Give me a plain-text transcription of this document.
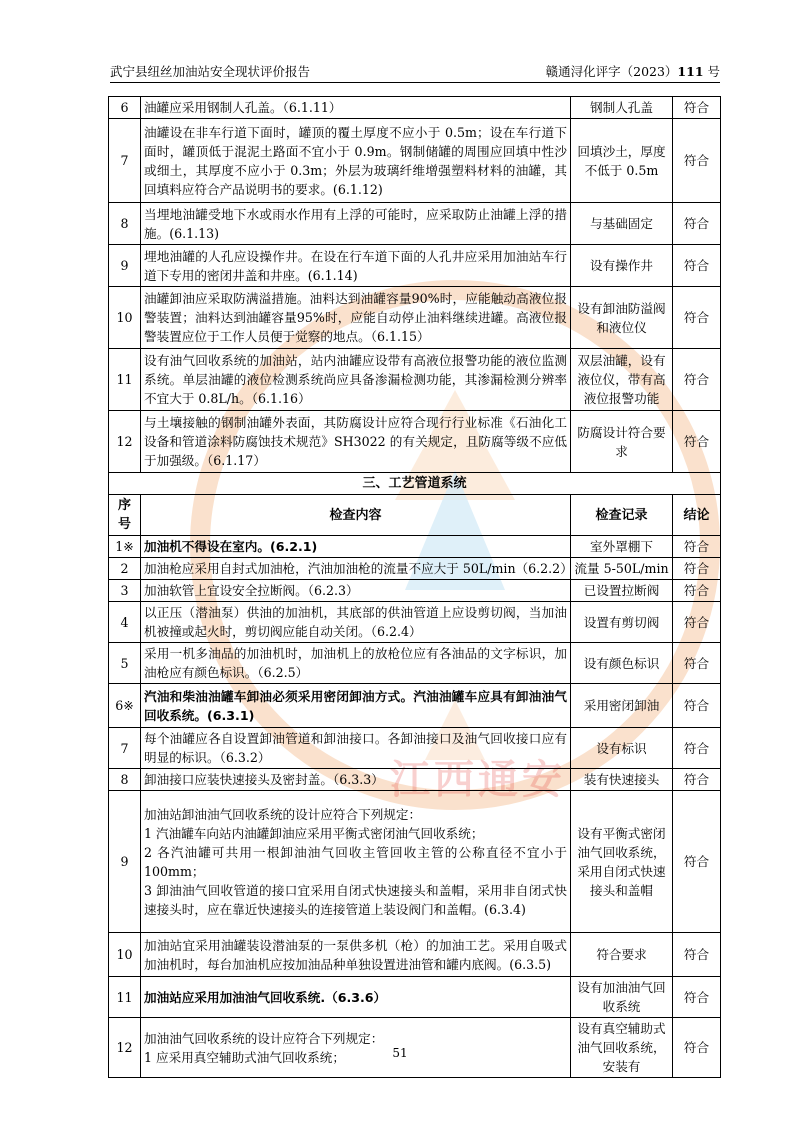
江西通安
武宁县纽丝加油站安全现状评价报告	赣通浔化评字（2023）111 号
6	油罐应采用钢制人孔盖。（6.1.11）	钢制人孔盖	符合
7	油罐设在非车行道下面时，罐顶的覆土厚度不应小于 0.5m；设在车行道下面时，罐顶低于混泥土路面不宜小于 0.9m。钢制储罐的周围应回填中性沙或细土，其厚度不应小于 0.3m；外层为玻璃纤维增强塑料材料的油罐，其回填料应符合产品说明书的要求。(6.1.12)	回填沙土，厚度不低于 0.5m	符合
8	当埋地油罐受地下水或雨水作用有上浮的可能时，应采取防止油罐上浮的措施。(6.1.13)	与基础固定	符合
9	埋地油罐的人孔应设操作井。在设在行车道下面的人孔井应采用加油站车行道下专用的密闭井盖和井座。(6.1.14)	设有操作井	符合
10	油罐卸油应采取防满溢措施。油料达到油罐容量90%时，应能触动高液位报警装置；油料达到油罐容量95%时，应能自动停止油料继续进罐。高液位报警装置应位于工作人员便于觉察的地点。（6.1.15）	设有卸油防溢阀和液位仪	符合
11	设有油气回收系统的加油站，站内油罐应设带有高液位报警功能的液位监测系统。单层油罐的液位检测系统尚应具备渗漏检测功能，其渗漏检测分辨率不宜大于 0.8L/h。（6.1.16）	双层油罐，设有液位仪，带有高液位报警功能	符合
12	与土壤接触的钢制油罐外表面，其防腐设计应符合现行行业标准《石油化工设备和管道涂料防腐蚀技术规范》SH3022 的有关规定，且防腐等级不应低于加强级。（6.1.17）	防腐设计符合要求	符合
三、工艺管道系统			
序号	检查内容	检查记录	结论
1※	加油机不得设在室内。(6.2.1)	室外罩棚下	符合
2	加油枪应采用自封式加油枪，汽油加油枪的流量不应大于 50L/min（6.2.2）	流量 5-50L/min	符合
3	加油软管上宜设安全拉断阀。（6.2.3）	已设置拉断阀	符合
4	以正压（潜油泵）供油的加油机，其底部的供油管道上应设剪切阀，当加油机被撞或起火时，剪切阀应能自动关闭。（6.2.4）	设置有剪切阀	符合
5	采用一机多油品的加油机时，加油机上的放枪位应有各油品的文字标识，加油枪应有颜色标识。（6.2.5）	设有颜色标识	符合
6※	汽油和柴油油罐车卸油必须采用密闭卸油方式。汽油油罐车应具有卸油油气回收系统。(6.3.1)	采用密闭卸油	符合
7	每个油罐应各自设置卸油管道和卸油接口。各卸油接口及油气回收接口应有明显的标识。（6.3.2）	设有标识	符合
8	卸油接口应装快速接头及密封盖。（6.3.3）	装有快速接头	符合
9	加油站卸油油气回收系统的设计应符合下列规定：
1 汽油罐车向站内油罐卸油应采用平衡式密闭油气回收系统；
2 各汽油罐可共用一根卸油油气回收主管回收主管的公称直径不宜小于 100mm；
3 卸油油气回收管道的接口宜采用自闭式快速接头和盖帽，采用非自闭式快速接头时，应在靠近快速接头的连接管道上装设阀门和盖帽。(6.3.4)	设有平衡式密闭油气回收系统，采用自闭式快速接头和盖帽	符合
10	加油站宜采用油罐装设潜油泵的一泵供多机（枪）的加油工艺。采用自吸式加油机时，每台加油机应按加油品种单独设置进油管和罐内底阀。(6.3.5)	符合要求	符合
11	加油站应采用加油油气回收系统.（6.3.6）	设有加油油气回收系统	符合
12	加油油气回收系统的设计应符合下列规定：
1 应采用真空辅助式油气回收系统；	设有真空辅助式油气回收系统，安装有	符合
51
